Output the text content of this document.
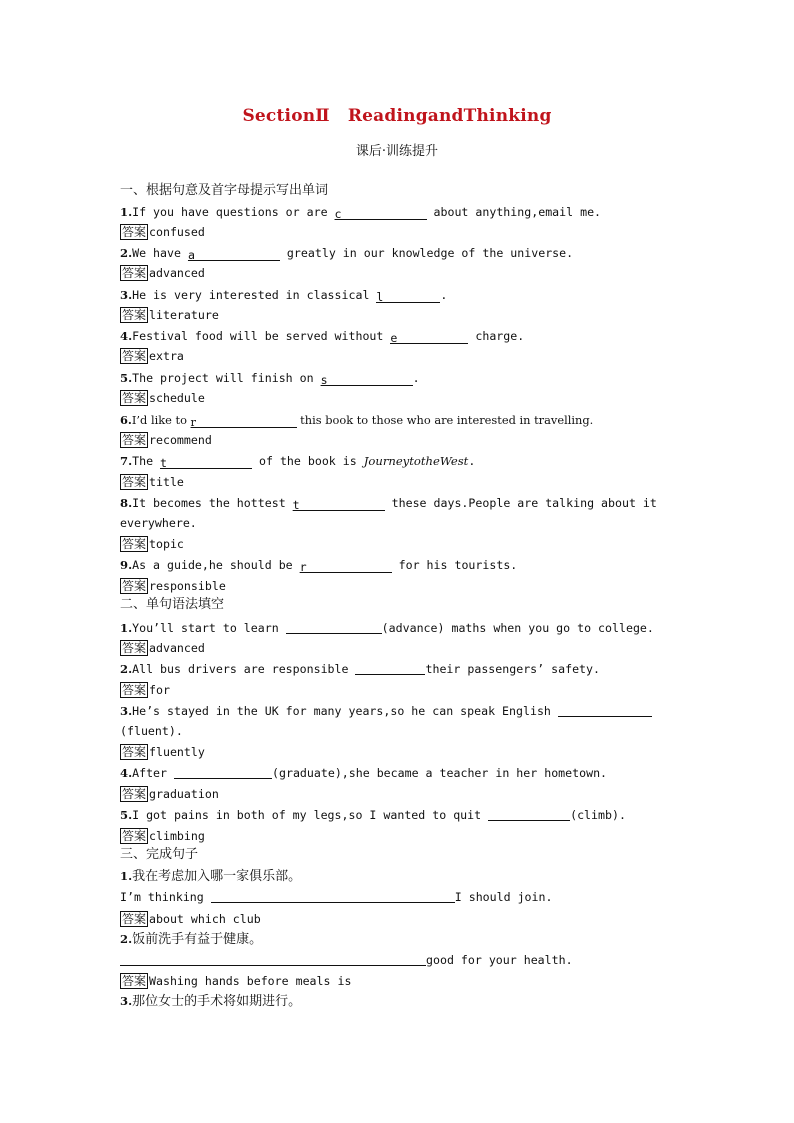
SectionⅡ ReadingandThinking
课后·训练提升
一、根据句意及首字母提示写出单词
1.If you have questions or are c	about anything,email me.
答案 confused
2.We have a	greatly in our knowledge of the universe.
答案 advanced
3.He is very interested in classical l	.
答案 literature
4.Festival food will be served without e	charge.
答案 extra
5.The project will finish on s	.
答案 schedule
6.I’d like to r	this book to those who are interested in travelling.
答案 recommend
7.The t	of the book is JourneytotheWest.
答案 title
8.It becomes the hottest t	these days.People are talking about it
everywhere.
答案 topic
9.As a guide,he should be r	for his tourists.
答案 responsible
二、单句语法填空
1.You’ll start to learn	(advance) maths when you go to college.
答案 advanced
2.All bus drivers are responsible	their passengers’ safety.
答案 for
3.He’s stayed in the UK for many years,so he can speak English
(fluent).
答案 fluently
4.After	(graduate),she became a teacher in her hometown.
答案 graduation
5.I got pains in both of my legs,so I wanted to quit	(climb).
答案 climbing
三、完成句子
1.我在考虑加入哪一家俱乐部。
I’m thinking	I should join.
答案 about which club
2.饭前洗手有益于健康。
good for your health.
答案 Washing hands before meals is
3.那位女士的手术将如期进行。
